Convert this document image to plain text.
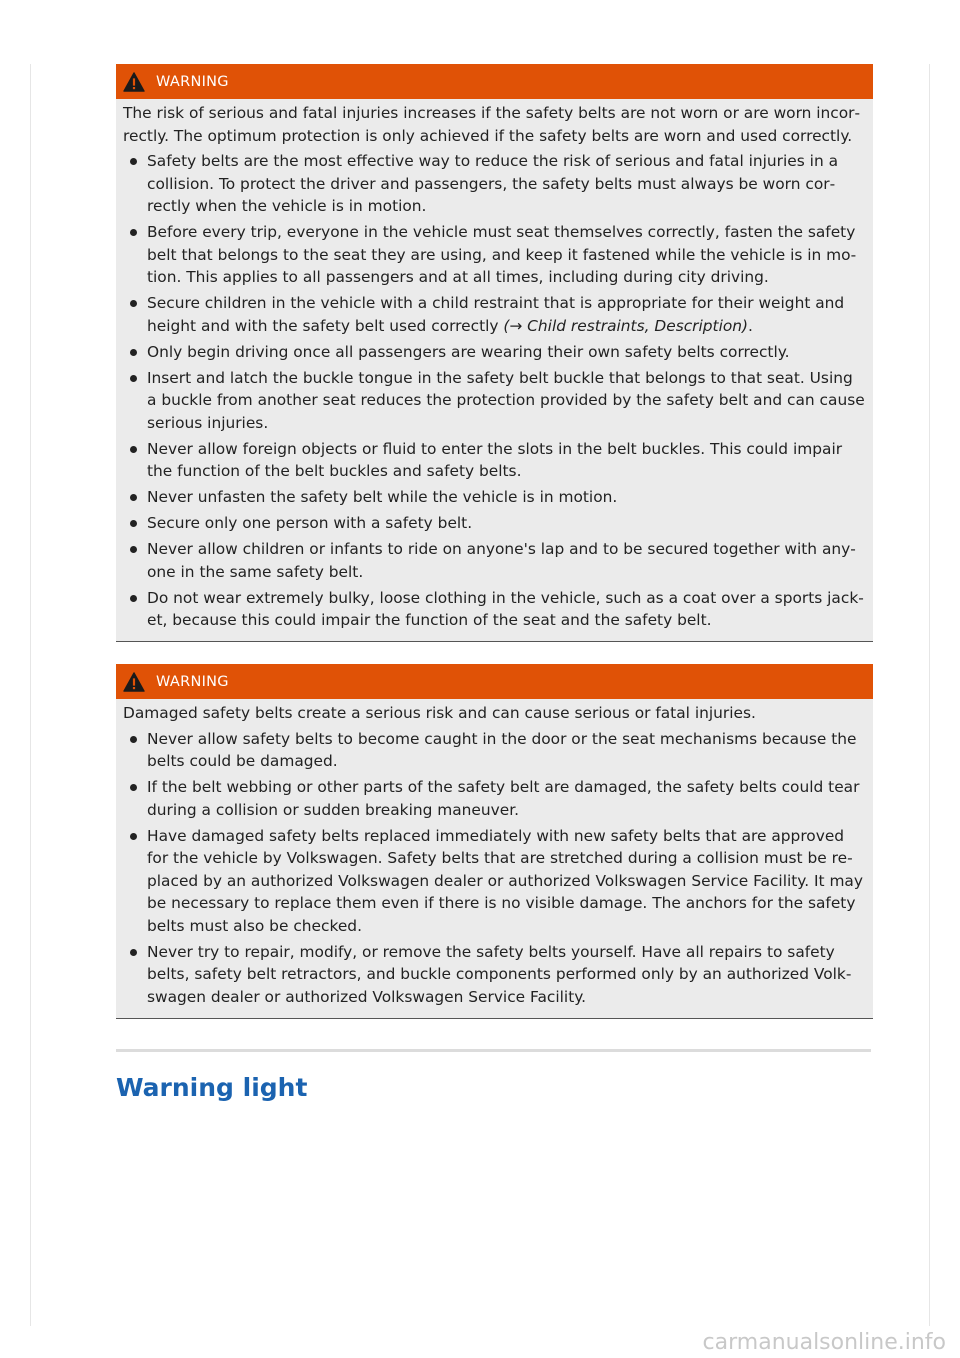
WARNING

The risk of serious and fatal injuries increases if the safety belts are not worn or are worn incorrectly. The optimum protection is only achieved if the safety belts are worn and used correctly.

Safety belts are the most effective way to reduce the risk of serious and fatal injuries in a collision. To protect the driver and passengers, the safety belts must always be worn correctly when the vehicle is in motion.
Before every trip, everyone in the vehicle must seat themselves correctly, fasten the safety belt that belongs to the seat they are using, and keep it fastened while the vehicle is in motion. This applies to all passengers and at all times, including during city driving.
Secure children in the vehicle with a child restraint that is appropriate for their weight and height and with the safety belt used correctly (→ Child restraints, Description).
Only begin driving once all passengers are wearing their own safety belts correctly.
Insert and latch the buckle tongue in the safety belt buckle that belongs to that seat. Using a buckle from another seat reduces the protection provided by the safety belt and can cause serious injuries.
Never allow foreign objects or fluid to enter the slots in the belt buckles. This could impair the function of the belt buckles and safety belts.
Never unfasten the safety belt while the vehicle is in motion.
Secure only one person with a safety belt.
Never allow children or infants to ride on anyone's lap and to be secured together with anyone in the same safety belt.
Do not wear extremely bulky, loose clothing in the vehicle, such as a coat over a sports jacket, because this could impair the function of the seat and the safety belt.
WARNING

Damaged safety belts create a serious risk and can cause serious or fatal injuries.

Never allow safety belts to become caught in the door or the seat mechanisms because the belts could be damaged.
If the belt webbing or other parts of the safety belt are damaged, the safety belts could tear during a collision or sudden breaking maneuver.
Have damaged safety belts replaced immediately with new safety belts that are approved for the vehicle by Volkswagen. Safety belts that are stretched during a collision must be replaced by an authorized Volkswagen dealer or authorized Volkswagen Service Facility. It may be necessary to replace them even if there is no visible damage. The anchors for the safety belts must also be checked.
Never try to repair, modify, or remove the safety belts yourself. Have all repairs to safety belts, safety belt retractors, and buckle components performed only by an authorized Volkswagen dealer or authorized Volkswagen Service Facility.
Warning light
carmanualsonline.info
